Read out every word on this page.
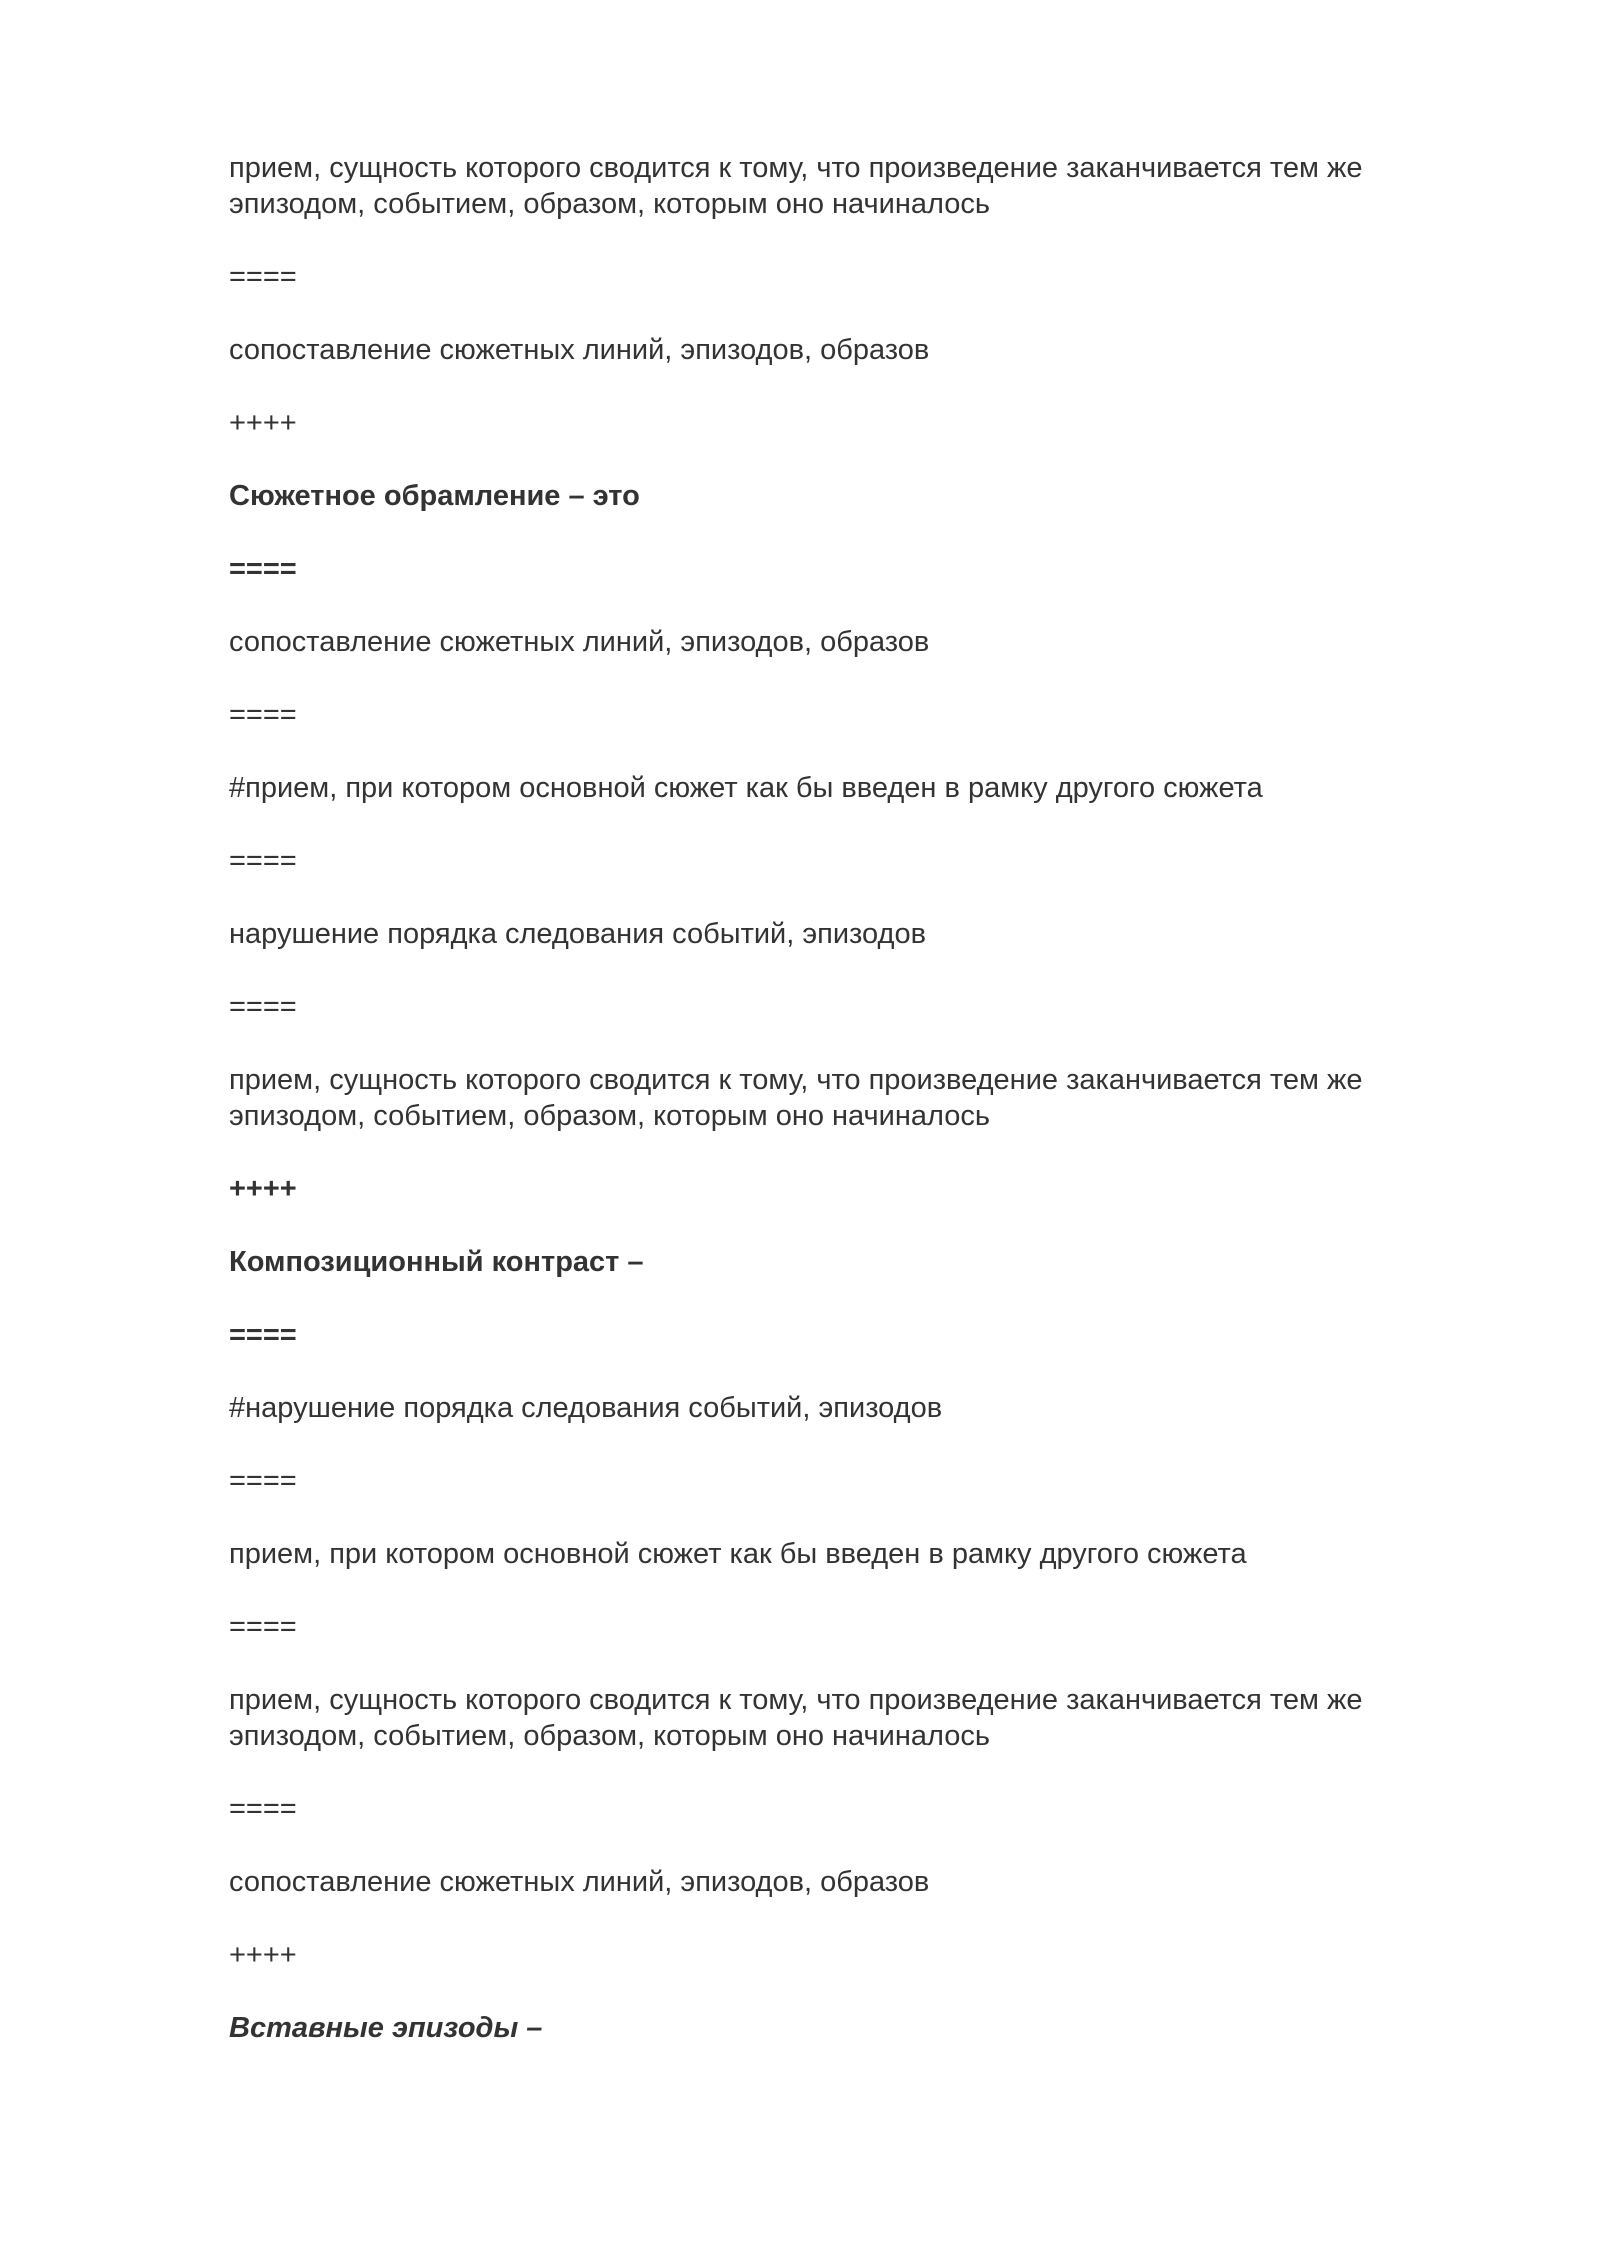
прием, сущность которого сводится к тому, что произведение заканчивается тем же эпизодом, событием, образом, которым оно начиналось

====

сопоставление сюжетных линий, эпизодов, образов

++++

Сюжетное обрамление – это

====

сопоставление сюжетных линий, эпизодов, образов

====

#прием, при котором основной сюжет как бы введен в рамку другого сюжета

====

нарушение порядка следования событий, эпизодов

====

прием, сущность которого сводится к тому, что произведение заканчивается тем же эпизодом, событием, образом, которым оно начиналось

++++

Композиционный контраст –

====

#нарушение порядка следования событий, эпизодов

====

прием, при котором основной сюжет как бы введен в рамку другого сюжета

====

прием, сущность которого сводится к тому, что произведение заканчивается тем же эпизодом, событием, образом, которым оно начиналось

====

сопоставление сюжетных линий, эпизодов, образов

++++

Вставные эпизоды –
